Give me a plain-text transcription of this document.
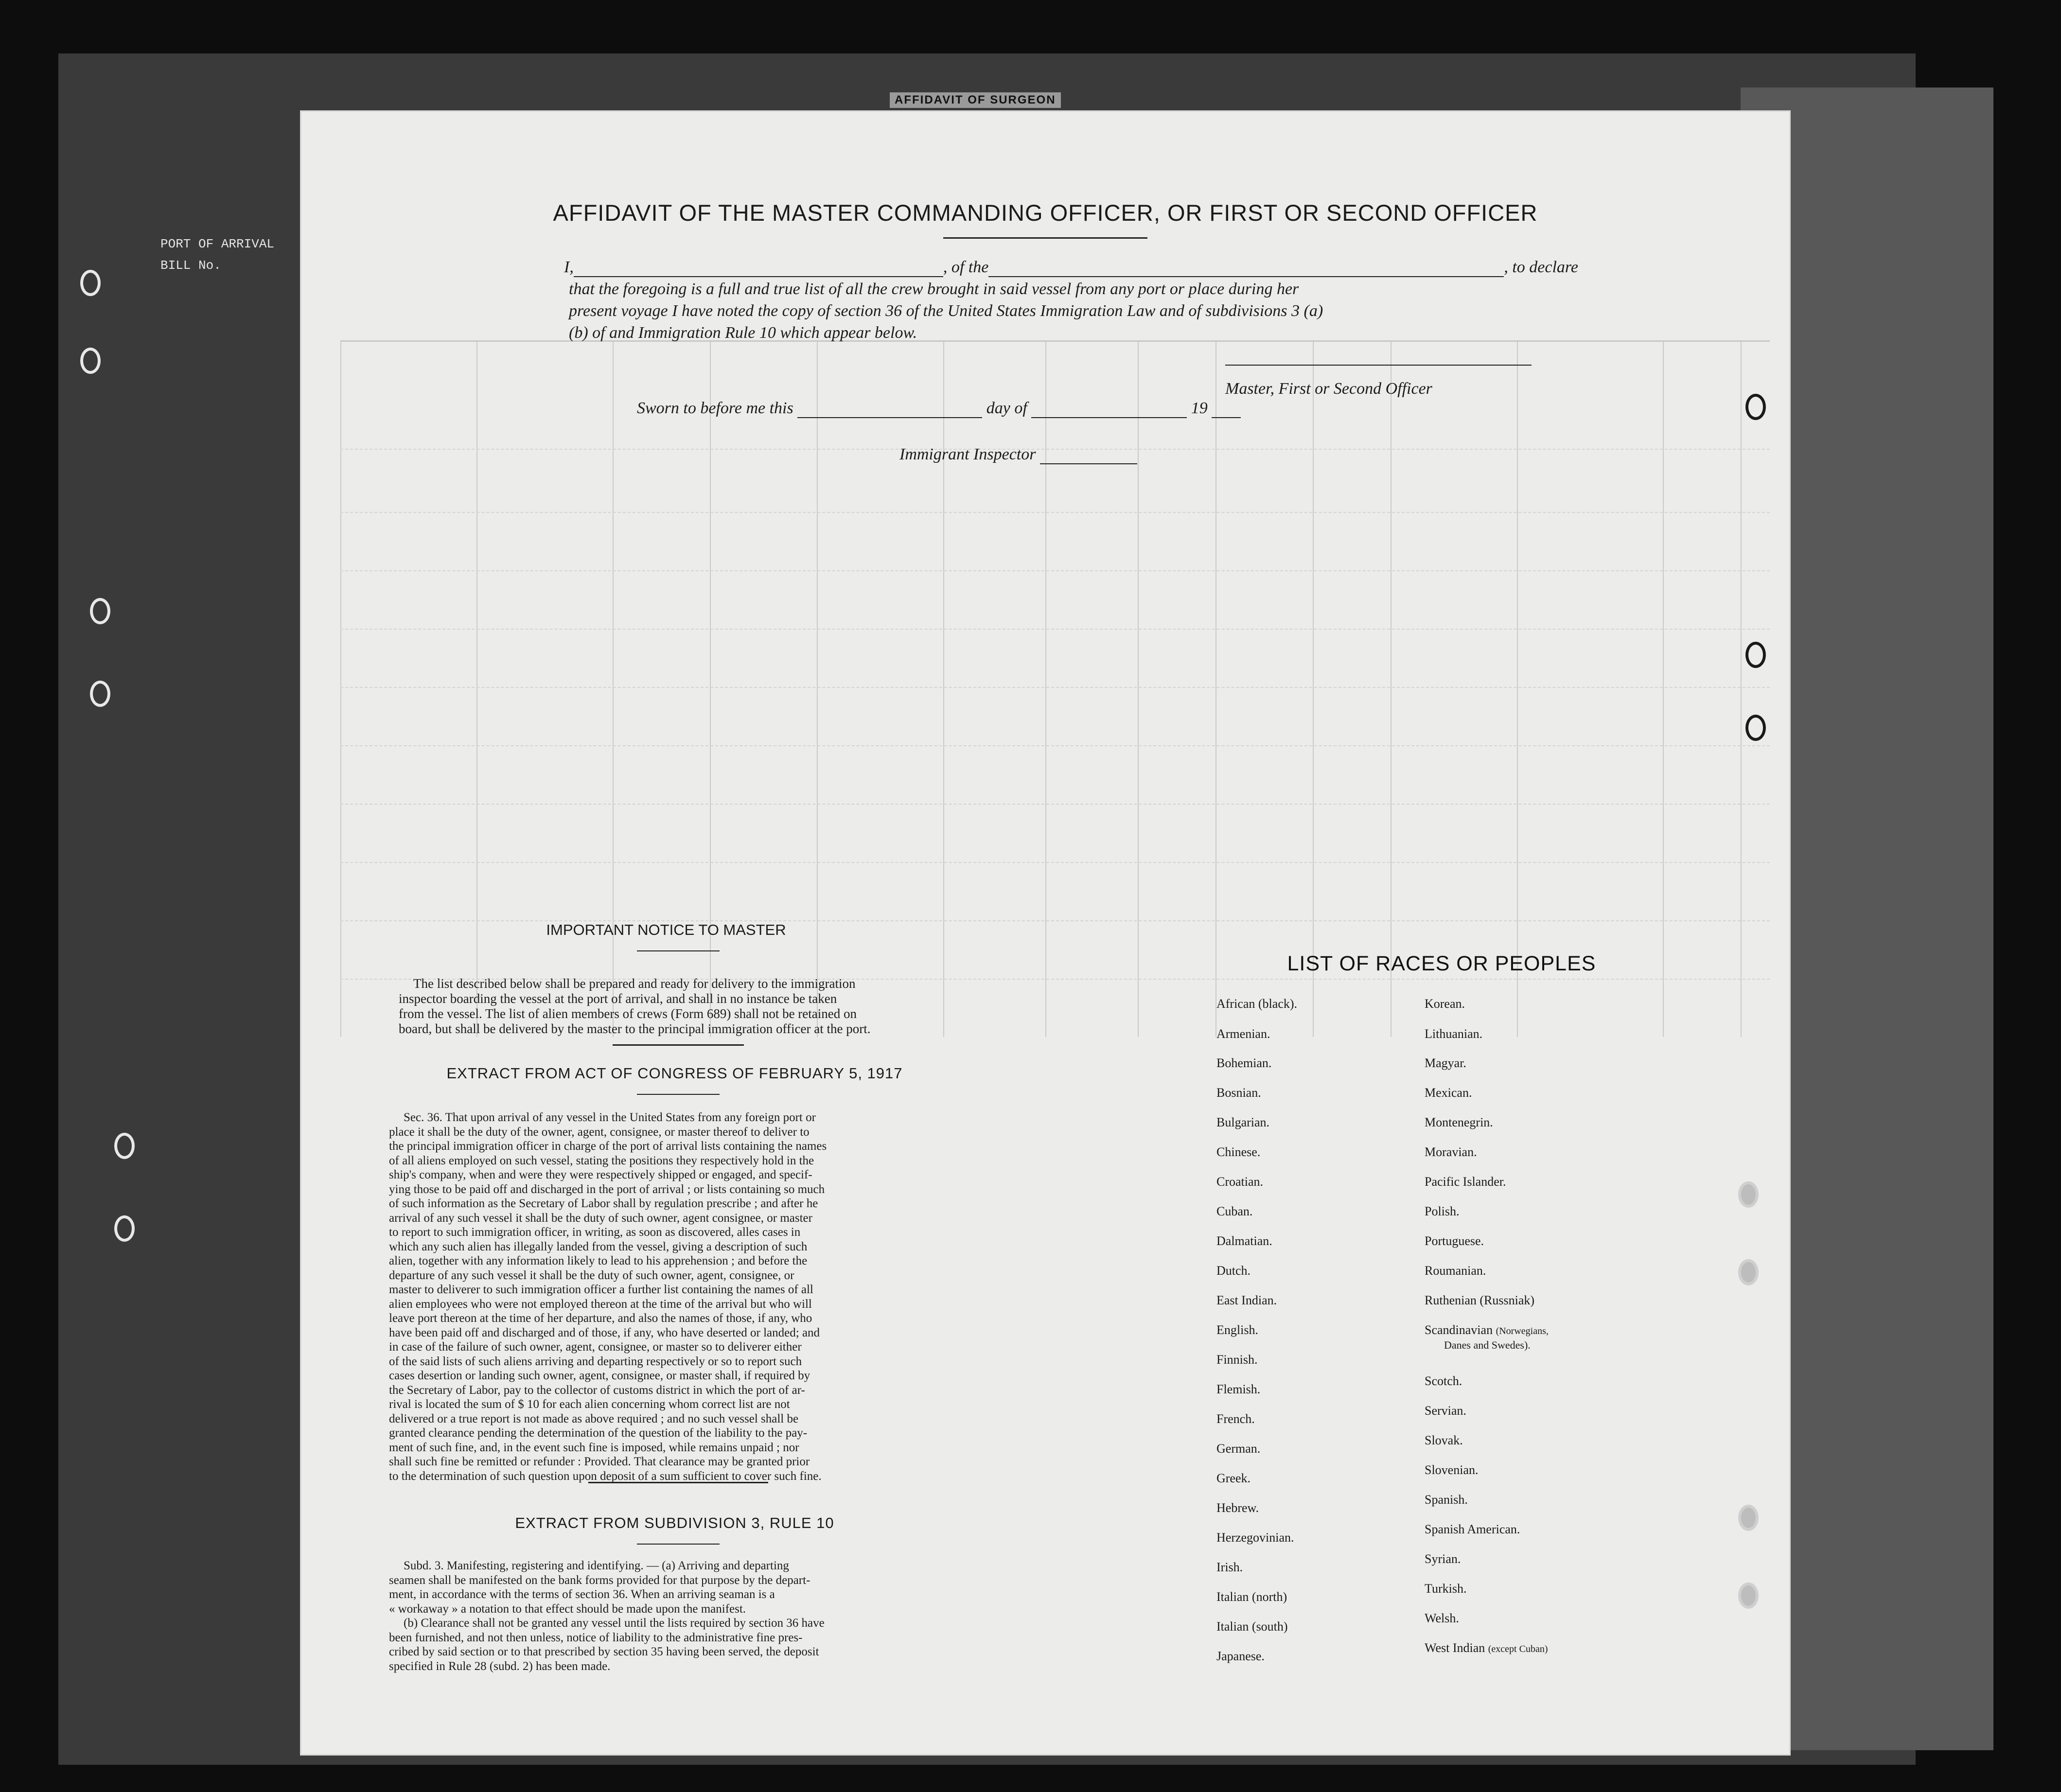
AFFIDAVIT OF SURGEON
PORT OF ARRIVAL
BILL No.
AFFIDAVIT OF THE MASTER COMMANDING OFFICER, OR FIRST OR SECOND OFFICER
I,	, of the	, to declare
that the foregoing is a full and true list of all the crew brought in said vessel from any port or place during her
present voyage I have noted the copy of section 36 of the United States Immigration Law and of subdivisions 3 (a)
(b) of and Immigration Rule 10 which appear below.
Master, First or Second Officer
Sworn to before me this	day of	19
Immigrant Inspector
IMPORTANT NOTICE TO MASTER
The list described below shall be prepared and ready for delivery to the immigration
inspector boarding the vessel at the port of arrival, and shall in no instance be taken
from the vessel. The list of alien members of crews (Form 689) shall not be retained on
board, but shall be delivered by the master to the principal immigration officer at the port.
EXTRACT FROM ACT OF CONGRESS OF FEBRUARY 5, 1917
Sec. 36. That upon arrival of any vessel in the United States from any foreign port or
place it shall be the duty of the owner, agent, consignee, or master thereof to deliver to
the principal immigration officer in charge of the port of arrival lists containing the names
of all aliens employed on such vessel, stating the positions they respectively hold in the
ship's company, when and were they were respectively shipped or engaged, and specif-
ying those to be paid off and discharged in the port of arrival ; or lists containing so much
of such information as the Secretary of Labor shall by regulation prescribe ; and after he
arrival of any such vessel it shall be the duty of such owner, agent consignee, or master
to report to such immigration officer, in writing, as soon as discovered, alles cases in
which any such alien has illegally landed from the vessel, giving a description of such
alien, together with any information likely to lead to his apprehension ; and before the
departure of any such vessel it shall be the duty of such owner, agent, consignee, or
master to deliverer to such immigration officer a further list containing the names of all
alien employees who were not employed thereon at the time of the arrival but who will
leave port thereon at the time of her departure, and also the names of those, if any, who
have been paid off and discharged and of those, if any, who have deserted or landed; and
in case of the failure of such owner, agent, consignee, or master so to deliverer either
of the said lists of such aliens arriving and departing respectively or so to report such
cases desertion or landing such owner, agent, consignee, or master shall, if required by
the Secretary of Labor, pay to the collector of customs district in which the port of ar-
rival is located the sum of $ 10 for each alien concerning whom correct list are not
delivered or a true report is not made as above required ; and no such vessel shall be
granted clearance pending the determination of the question of the liability to the pay-
ment of such fine, and, in the event such fine is imposed, while remains unpaid ; nor
shall such fine be remitted or refunder : Provided. That clearance may be granted prior
to the determination of such question upon deposit of a sum sufficient to cover such fine.
EXTRACT FROM SUBDIVISION 3, RULE 10
Subd. 3. Manifesting, registering and identifying. — (a) Arriving and departing
seamen shall be manifested on the bank forms provided for that purpose by the depart-
ment, in accordance with the terms of section 36. When an arriving seaman is a
« workaway » a notation to that effect should be made upon the manifest.
(b) Clearance shall not be granted any vessel until the lists required by section 36 have
been furnished, and not then unless, notice of liability to the administrative fine pres-
cribed by said section or to that prescribed by section 35 having been served, the deposit
specified in Rule 28 (subd. 2) has been made.
LIST OF RACES OR PEOPLES
African (black).
Armenian.
Bohemian.
Bosnian.
Bulgarian.
Chinese.
Croatian.
Cuban.
Dalmatian.
Dutch.
East Indian.
English.
Finnish.
Flemish.
French.
German.
Greek.
Hebrew.
Herzegovinian.
Irish.
Italian (north)
Italian (south)
Japanese.
Korean.
Lithuanian.
Magyar.
Mexican.
Montenegrin.
Moravian.
Pacific Islander.
Polish.
Portuguese.
Roumanian.
Ruthenian (Russniak)
Scandinavian (Norwegians,
Danes and Swedes).
Scotch.
Servian.
Slovak.
Slovenian.
Spanish.
Spanish American.
Syrian.
Turkish.
Welsh.
West Indian (except Cuban)
